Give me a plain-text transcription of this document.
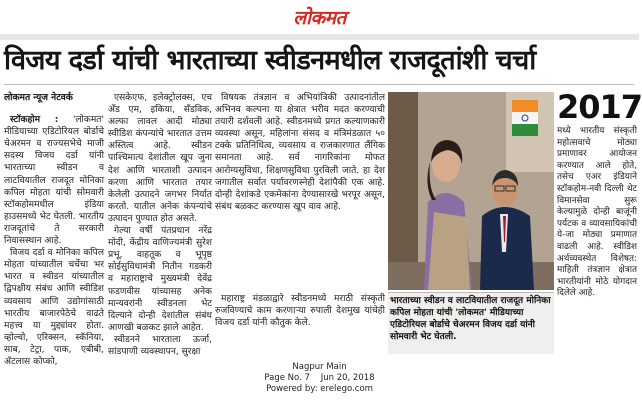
लोकमत
विजय दर्डा यांची भारताच्या स्वीडनमधील राजदूतांशी चर्चा
लोकमत न्यूज नेटवर्क
स्टॉकहोम : 'लोकमत' मीडियाच्या एडिटोरियल बोर्डाचे चेअरमन व राज्यसभेचे माजी सदस्य विजय दर्डा यांनी भारताच्या स्वीडन व लाटवियातील राजदूत मोनिका कपिल मोहता यांची सोमवारी स्टॉकहोममधील इंडिया हाउसमध्ये भेट घेतली. भारतीय राजदूतांचे ते सरकारी निवासस्थान आहे.
विजय दर्डा व मोनिका कपिल मोहता यांच्यातील चर्चेचा भर भारत व स्वीडन यांच्यातील द्विपक्षीय संबंध आणि स्वीडिश व्यवसाय आणि उद्योगांसाठी भारतीय बाजारपेठेचे वाढते महत्त्व या मुद्द्यांवर होता. व्होल्वो, एरिक्सन, स्कॅनिया, साब, टेट्रा, पाक, एबीबी, ॲटलास कोप्को,
एसकेएफ, इलेक्ट्रोलक्स, एच अँड एम, इकिया, सँडविक, अल्फा लावल आदी मोठ्या स्वीडिश कंपन्यांचे भारतात उत्तम अस्तित्व आहे. स्वीडन पाश्चिमात्य देशांतील खूप जुना देश आणि भारताशी उत्पादन करणा आणि भारतात तयार केलेली उत्पादने जगभर निर्यात करतो. यातील अनेक कंपन्यांचे उत्पादन पुण्यात होत असते.
गेल्या वर्षी पंतप्रधान नरेंद्र मोदी, केंद्रीय वाणिज्यमंत्री सुरेश प्रभू, वाहतूक व भूपृष्ठ सोईसुविधामंत्री नितीन गडकरी व महाराष्ट्राचे मुख्यमंत्री देवेंद्र फडणवीस यांच्यासह अनेक मान्यवरांनी स्वीडनला भेट दिल्याने दोन्ही देशांतील संबंध आणखी बळकट झाले आहेत.
स्वीडनने भारताला ऊर्जा, सांडपाणी व्यवस्थापन, सुरक्षा
विषयक तंत्रज्ञान व अभियांत्रिकी उत्पादनांतील अभिनव कल्पना या क्षेत्रात भरीव मदत करण्याची तयारी दर्शवली आहे. स्वीडनमध्ये प्रगत कल्याणकारी व्यवस्था असून, महिलांना संसद व मंत्रिमंडळात ५० टक्के प्रतिनिधित्व, व्यवसाय व राजकारणात लैंगिक समानता आहे. सर्व नागरिकांना मोफत आरोग्यसुविधा, शिक्षणसुविधा पुरविली जाते. हा देश जगातील सर्वात पर्यावरणस्नेही देशांपैकी एक आहे. दोन्ही देशांकडे एकमेकांना देण्यासारखे भरपूर असून, संबंध बळकट करण्यास खूप वाव आहे.
महाराष्ट्र मंडळाद्वारे स्वीडनमध्ये मराठी संस्कृती रुजविण्याचे काम करणाऱ्या रुपाली देशमुख यांचेही विजय दर्डा यांनी कौतुक केले.
भारताच्या स्वीडन व लाटवियातील राजदूत मोनिका कपिल मोहता यांची 'लोकमत' मीडियाच्या एडिटोरियल बोर्डाचे चेअरमन विजय दर्डा यांनी सोमवारी भेट घेतली.
2017
मध्ये भारतीय संस्कृती महोत्सवाचे मोठ्या प्रमाणावर आयोजन करण्यात आले होते, तसेच एअर इंडियाने स्टॉकहोम-नवी दिल्ली थेट विमानसेवा सुरू केल्यामुळे दोन्ही बाजूंनी पर्यटक व व्यावसायिकांची ये-जा मोठ्या प्रमाणात वाढली आहे. स्वीडिश अर्थव्यवस्थेत विशेषत: माहिती तंत्रज्ञान क्षेत्रात भारतीयांनी मोठे योगदान दिलेले आहे.
Nagpur Main
Page No. 7 Jun 20, 2018
Powered by: erelego.com
